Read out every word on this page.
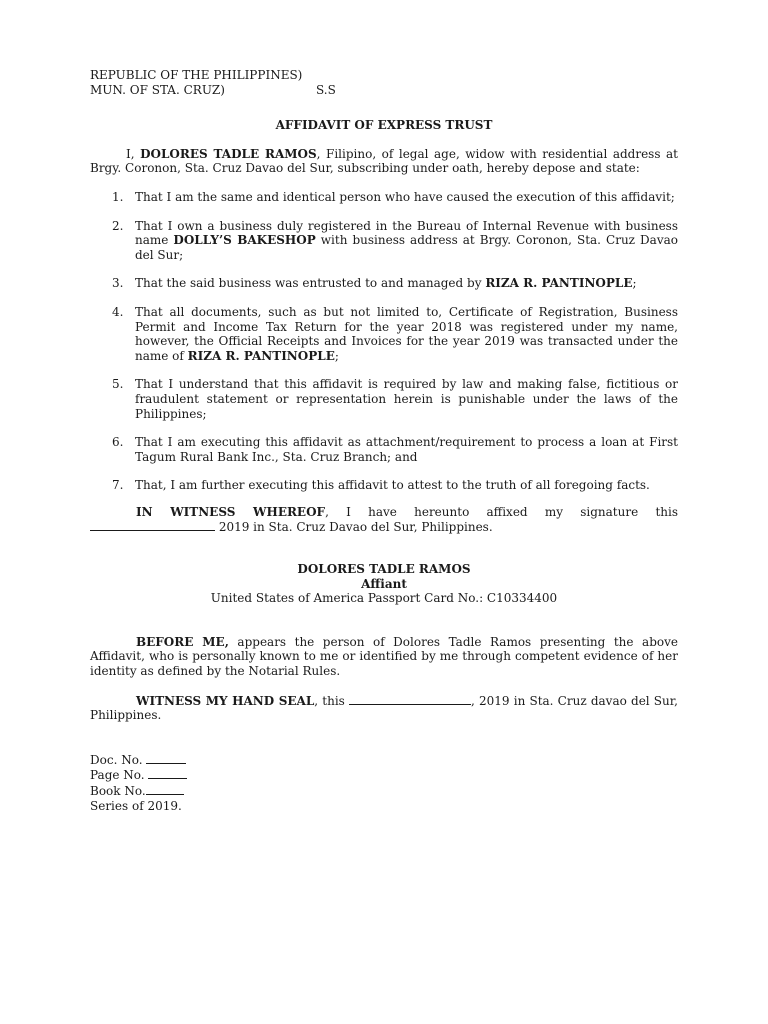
REPUBLIC OF THE PHILIPPINES)
MUN. OF STA. CRUZ)	S.S
AFFIDAVIT OF EXPRESS TRUST
I, DOLORES TADLE RAMOS, Filipino, of legal age, widow with residential address at Brgy. Coronon, Sta. Cruz Davao del Sur, subscribing under oath, hereby depose and state:
1. That I am the same and identical person who have caused the execution of this affidavit;
2. That I own a business duly registered in the Bureau of Internal Revenue with business name DOLLY’S BAKESHOP with business address at Brgy. Coronon, Sta. Cruz Davao del Sur;
3. That the said business was entrusted to and managed by RIZA R. PANTINOPLE;
4. That all documents, such as but not limited to, Certificate of Registration, Business Permit and Income Tax Return for the year 2018 was registered under my name, however, the Official Receipts and Invoices for the year 2019 was transacted under the name of RIZA R. PANTINOPLE;
5. That I understand that this affidavit is required by law and making false, fictitious or fraudulent statement or representation herein is punishable under the laws of the Philippines;
6. That I am executing this affidavit as attachment/requirement to process a loan at First Tagum Rural Bank Inc., Sta. Cruz Branch; and
7. That, I am further executing this affidavit to attest to the truth of all foregoing facts.
IN WITNESS WHEREOF, I have hereunto affixed my signature this
2019 in Sta. Cruz Davao del Sur, Philippines.
DOLORES TADLE RAMOS
Affiant
United States of America Passport Card No.: C10334400
BEFORE ME, appears the person of Dolores Tadle Ramos presenting the above Affidavit, who is personally known to me or identified by me through competent evidence of her identity as defined by the Notarial Rules.
WITNESS MY HAND SEAL, this	, 2019 in Sta. Cruz davao del Sur, Philippines.
Doc. No.
Page No.
Book No.
Series of 2019.
